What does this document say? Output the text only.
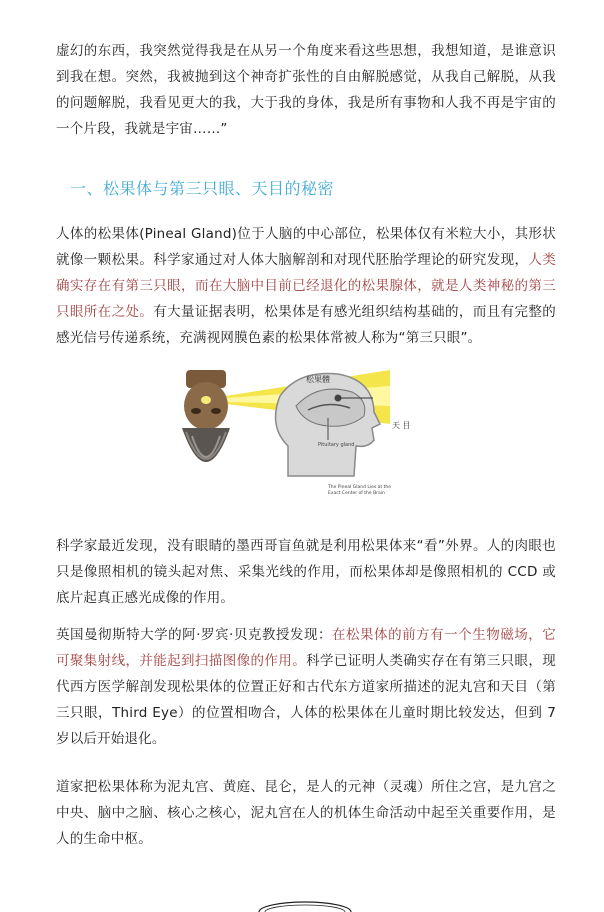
虚幻的东西，我突然觉得我是在从另一个角度来看这些思想，我想知道，是谁意识到我在想。突然，我被抛到这个神奇扩张性的自由解脱感觉，从我自己解脱，从我的问题解脱，我看见更大的我，大于我的身体，我是所有事物和人我不再是宇宙的一个片段，我就是宇宙……”

一、松果体与第三只眼、天目的秘密

人体的松果体(Pineal Gland)位于人脑的中心部位，松果体仅有米粒大小，其形状就像一颗松果。科学家通过对人体大脑解剖和对现代胚胎学理论的研究发现，人类确实存在有第三只眼，而在大脑中目前已经退化的松果腺体，就是人类神秘的第三只眼所在之处。有大量证据表明，松果体是有感光组织结构基础的，而且有完整的感光信号传递系统，充满视网膜色素的松果体常被人称为“第三只眼”。

松果體
天 目
Pituitary gland
The Pineal Gland Lies at the
Exact Center of the Brain

科学家最近发现，没有眼睛的墨西哥盲鱼就是利用松果体来“看”外界。人的肉眼也只是像照相机的镜头起对焦、采集光线的作用，而松果体却是像照相机的 CCD 或底片起真正感光成像的作用。

英国曼彻斯特大学的阿·罗宾·贝克教授发现：在松果体的前方有一个生物磁场，它可聚集射线，并能起到扫描图像的作用。科学已证明人类确实存在有第三只眼，现代西方医学解剖发现松果体的位置正好和古代东方道家所描述的泥丸宫和天目（第三只眼，Third Eye）的位置相吻合，人体的松果体在儿童时期比较发达，但到 7 岁以后开始退化。

道家把松果体称为泥丸宫、黄庭、昆仑，是人的元神（灵魂）所住之宫，是九宫之中央、脑中之脑、核心之核心，泥丸宫在人的机体生命活动中起至关重要作用，是人的生命中枢。
